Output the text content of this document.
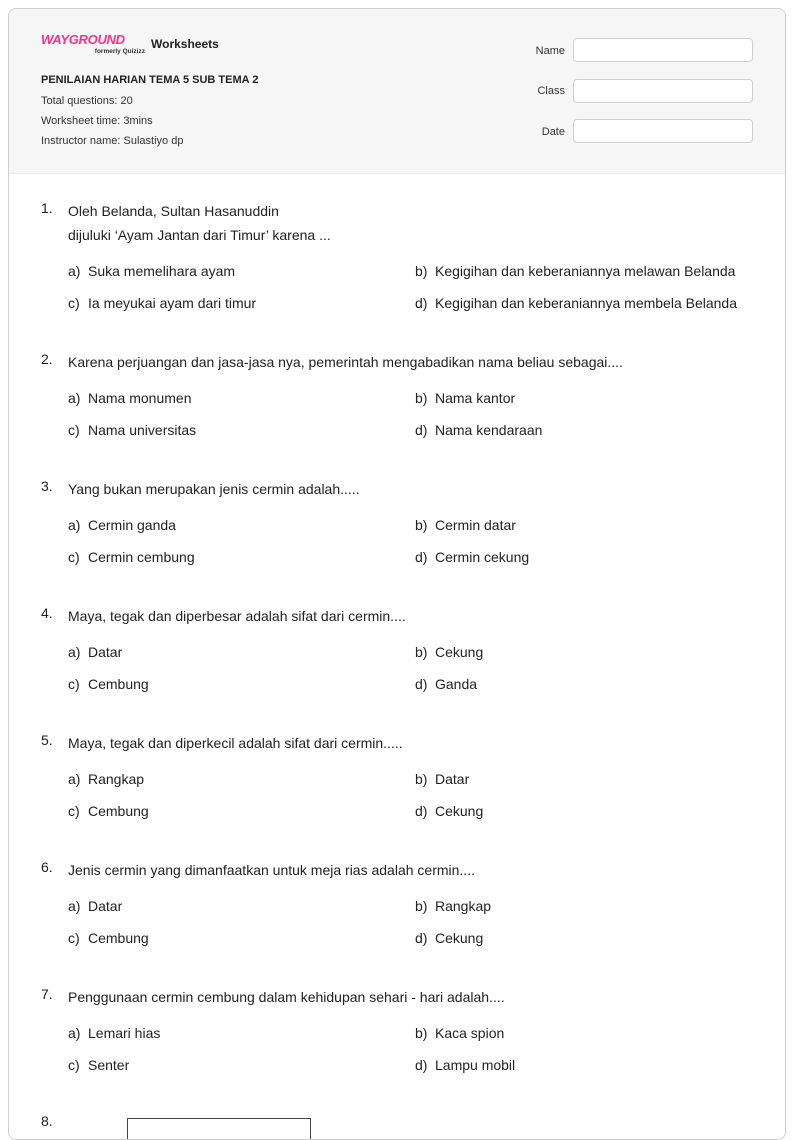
WAYGROUND
formerly Quizizz
Worksheets
PENILAIAN HARIAN TEMA 5 SUB TEMA 2
Total questions: 20
Worksheet time: 3mins
Instructor name: Sulastiyo dp
Name
Class
Date
1. Oleh Belanda, Sultan Hasanuddin
dijuluki ‘Ayam Jantan dari Timur’ karena ...
a) Suka memelihara ayam	b) Kegigihan dan keberaniannya melawan Belanda
c) Ia meyukai ayam dari timur	d) Kegigihan dan keberaniannya membela Belanda
2. Karena perjuangan dan jasa-jasa nya, pemerintah mengabadikan nama beliau sebagai....
a) Nama monumen	b) Nama kantor
c) Nama universitas	d) Nama kendaraan
3. Yang bukan merupakan jenis cermin adalah.....
a) Cermin ganda	b) Cermin datar
c) Cermin cembung	d) Cermin cekung
4. Maya, tegak dan diperbesar adalah sifat dari cermin....
a) Datar	b) Cekung
c) Cembung	d) Ganda
5. Maya, tegak dan diperkecil adalah sifat dari cermin.....
a) Rangkap	b) Datar
c) Cembung	d) Cekung
6. Jenis cermin yang dimanfaatkan untuk meja rias adalah cermin....
a) Datar	b) Rangkap
c) Cembung	d) Cekung
7. Penggunaan cermin cembung dalam kehidupan sehari - hari adalah....
a) Lemari hias	b) Kaca spion
c) Senter	d) Lampu mobil
8.
